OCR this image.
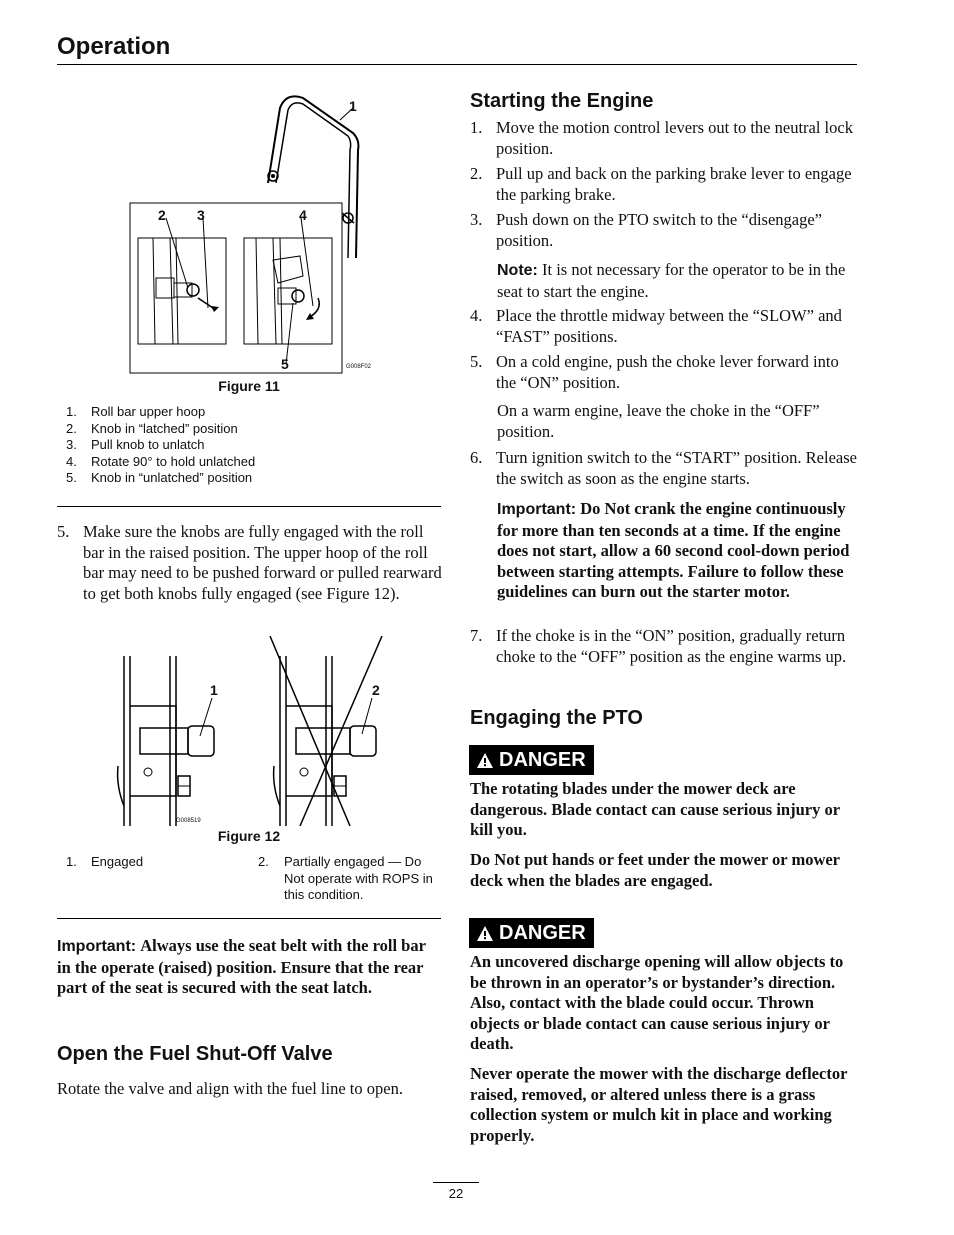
Operation
1
2 3	4
5	G008F02
Figure 11
1.	Roll bar upper hoop
2.	Knob in “latched” position
3.	Pull knob to unlatch
4.	Rotate 90° to hold unlatched
5.	Knob in “unlatched” position
5. Make sure the knobs are fully engaged with the roll bar in the raised position. The upper hoop of the roll bar may need to be pushed forward or pulled rearward to get both knobs fully engaged (see Figure 12).
1	2
G008519
Figure 12
1.	Engaged	2.	Partially engaged — Do Not operate with ROPS in this condition.
Important: Always use the seat belt with the roll bar in the operate (raised) position. Ensure that the rear part of the seat is secured with the seat latch.
Open the Fuel Shut-Off Valve
Rotate the valve and align with the fuel line to open.
Starting the Engine
1. Move the motion control levers out to the neutral lock position.
2. Pull up and back on the parking brake lever to engage the parking brake.
3. Push down on the PTO switch to the “disengage” position.
Note: It is not necessary for the operator to be in the seat to start the engine.
4. Place the throttle midway between the “SLOW” and “FAST” positions.
5. On a cold engine, push the choke lever forward into the “ON” position.
On a warm engine, leave the choke in the “OFF” position.
6. Turn ignition switch to the “START” position. Release the switch as soon as the engine starts.
Important: Do Not crank the engine continuously for more than ten seconds at a time. If the engine does not start, allow a 60 second cool-down period between starting attempts. Failure to follow these guidelines can burn out the starter motor.
7. If the choke is in the “ON” position, gradually return choke to the “OFF” position as the engine warms up.
Engaging the PTO
DANGER
The rotating blades under the mower deck are dangerous. Blade contact can cause serious injury or kill you.
Do Not put hands or feet under the mower or mower deck when the blades are engaged.
DANGER
An uncovered discharge opening will allow objects to be thrown in an operator’s or bystander’s direction. Also, contact with the blade could occur. Thrown objects or blade contact can cause serious injury or death.
Never operate the mower with the discharge deflector raised, removed, or altered unless there is a grass collection system or mulch kit in place and working properly.
22
